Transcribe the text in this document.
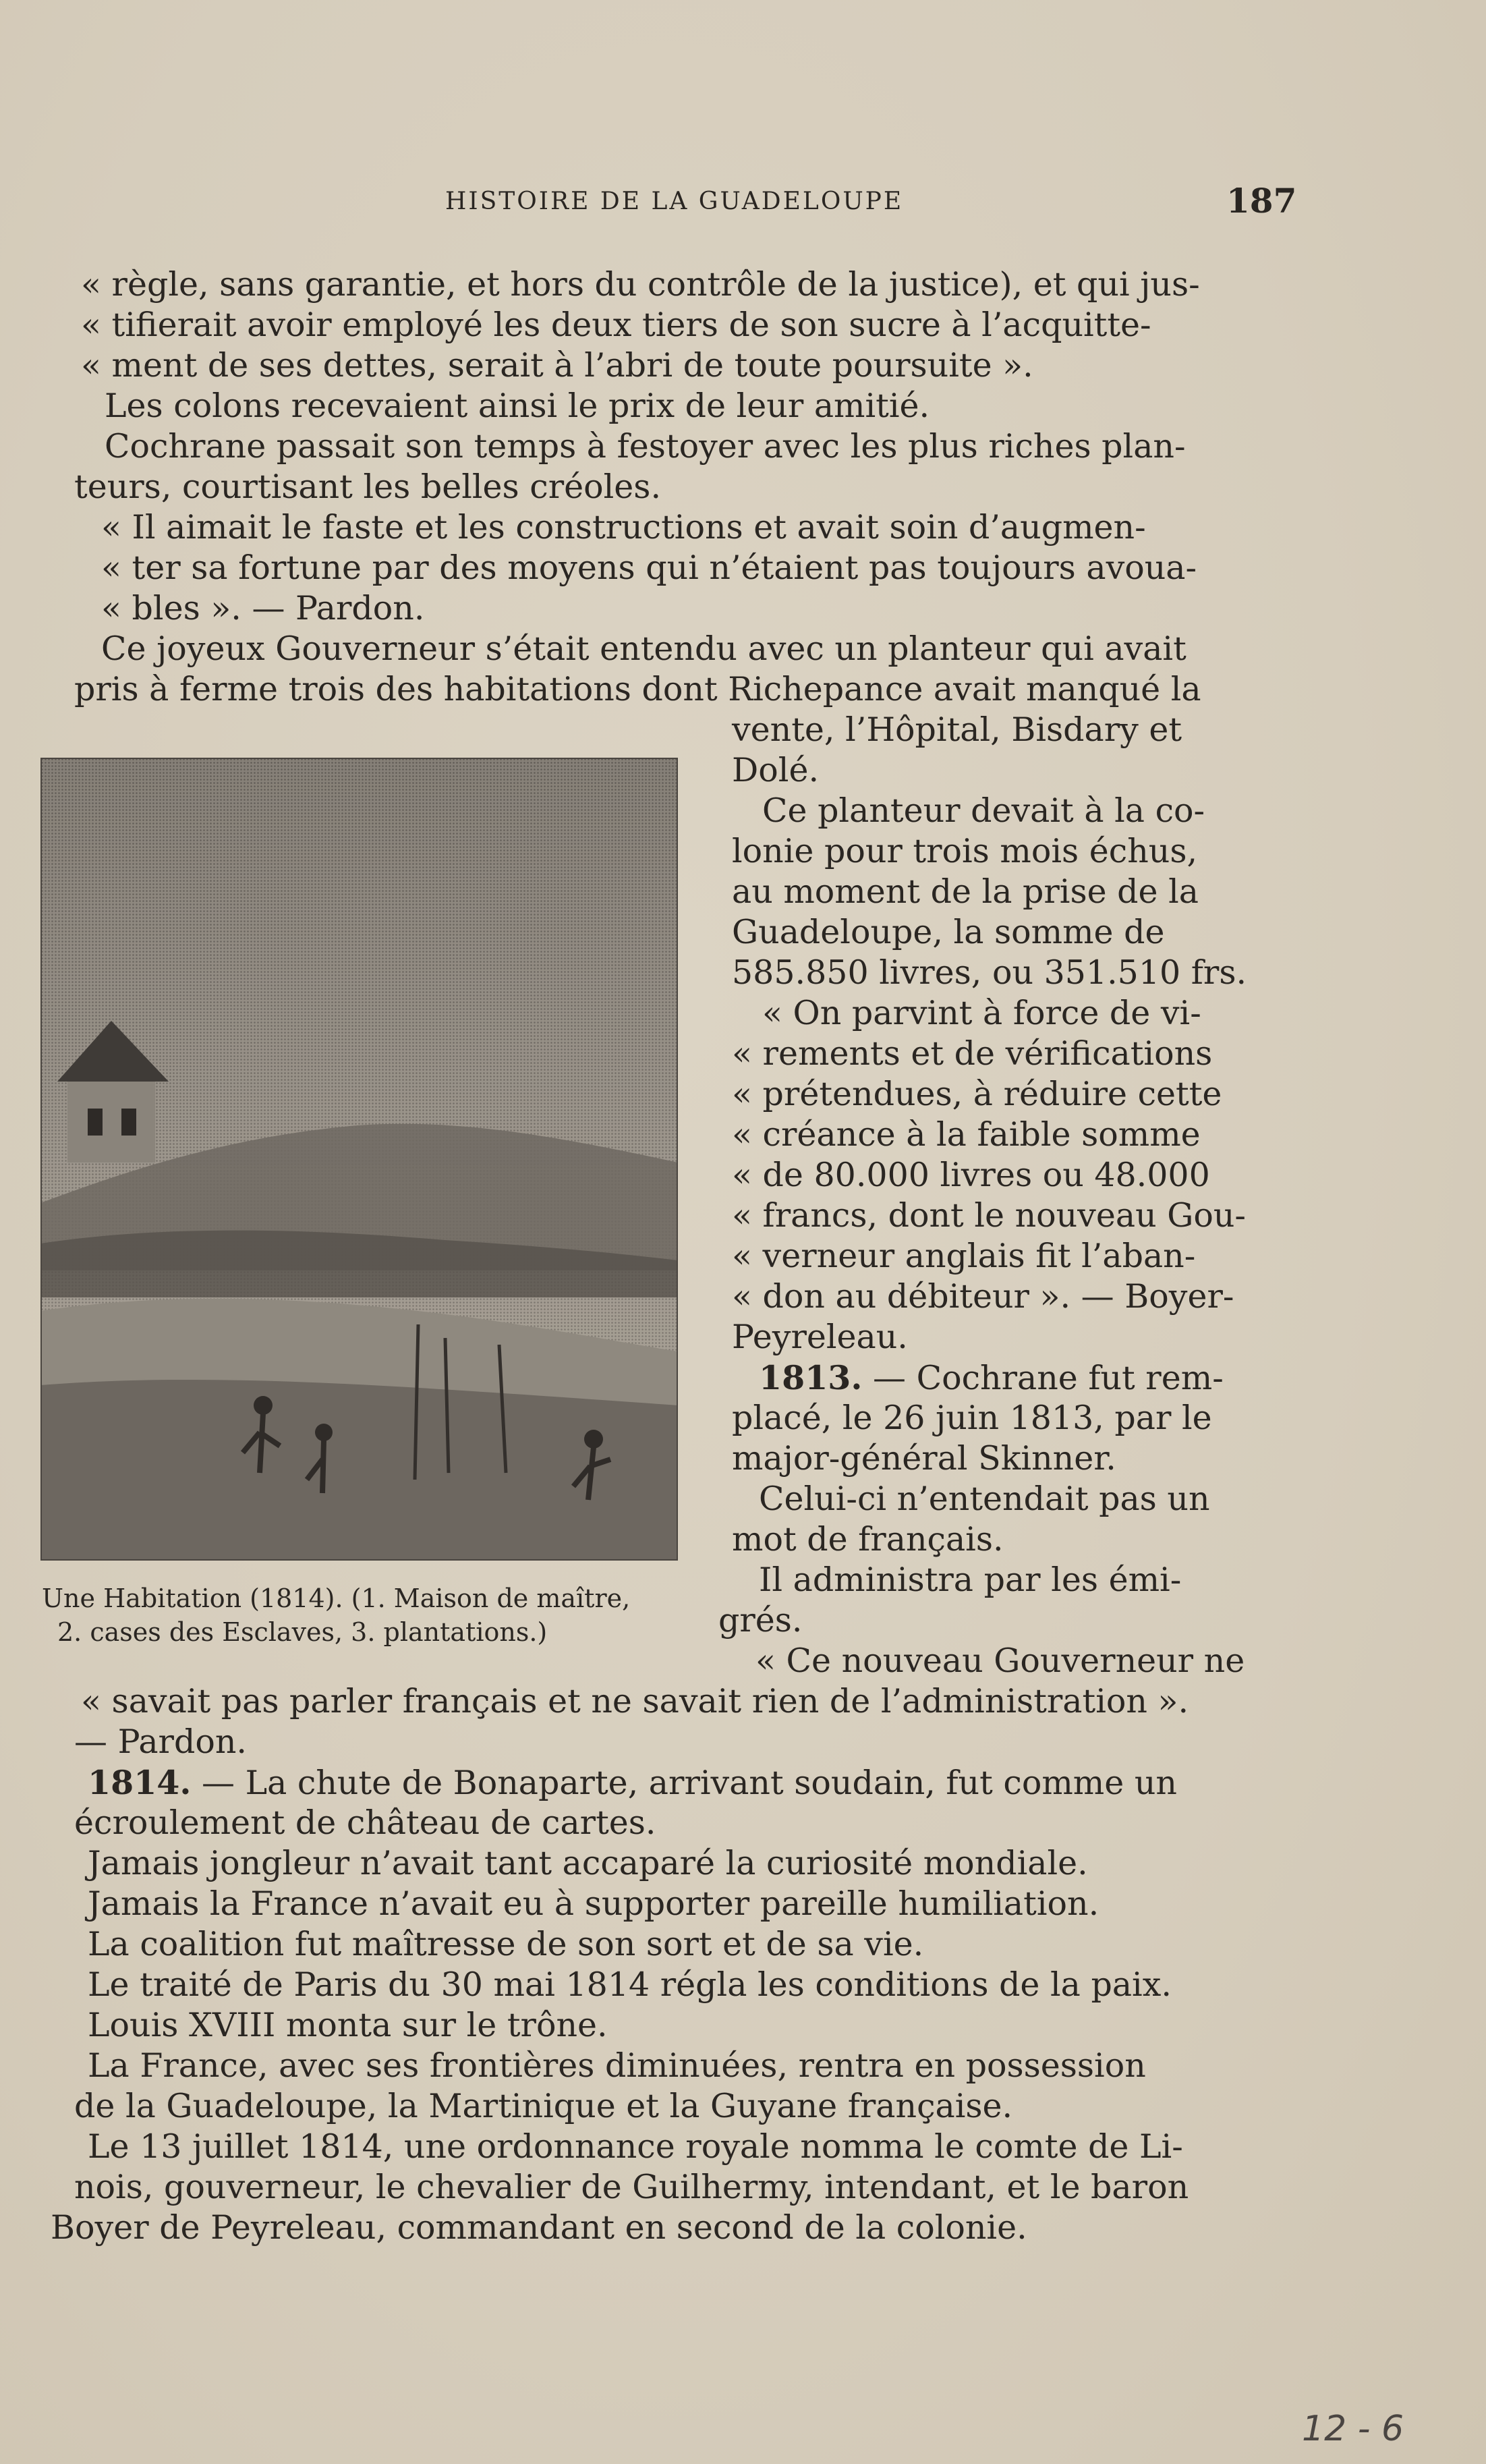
HISTOIRE DE LA GUADELOUPE	187
« règle, sans garantie, et hors du contrôle de la justice), et qui jus-
« tifierait avoir employé les deux tiers de son sucre à l’acquitte-
« ment de ses dettes, serait à l’abri de toute poursuite ».
Les colons recevaient ainsi le prix de leur amitié.
Cochrane passait son temps à festoyer avec les plus riches plan-
teurs, courtisant les belles créoles.
« Il aimait le faste et les constructions et avait soin d’augmen-
« ter sa fortune par des moyens qui n’étaient pas toujours avoua-
« bles ». — Pardon.
Ce joyeux Gouverneur s’était entendu avec un planteur qui avait
pris à ferme trois des habitations dont Richepance avait manqué la
vente, l’Hôpital, Bisdary et
Dolé.
Ce planteur devait à la co-
lonie pour trois mois échus,
au moment de la prise de la
Guadeloupe, la somme de
585.850 livres, ou 351.510 frs.
« On parvint à force de vi-
« rements et de vérifications
« prétendues, à réduire cette
« créance à la faible somme
« de 80.000 livres ou 48.000
« francs, dont le nouveau Gou-
« verneur anglais fit l’aban-
« don au débiteur ». — Boyer-
Peyreleau.
1813. — Cochrane fut rem-
placé, le 26 juin 1813, par le
major-général Skinner.
Celui-ci n’entendait pas un
mot de français.
Il administra par les émi-
grés.
« Ce nouveau Gouverneur ne
« savait pas parler français et ne savait rien de l’administration ».
— Pardon.
1814. — La chute de Bonaparte, arrivant soudain, fut comme un
écroulement de château de cartes.
Jamais jongleur n’avait tant accaparé la curiosité mondiale.
Jamais la France n’avait eu à supporter pareille humiliation.
La coalition fut maîtresse de son sort et de sa vie.
Le traité de Paris du 30 mai 1814 régla les conditions de la paix.
Louis XVIII monta sur le trône.
La France, avec ses frontières diminuées, rentra en possession
de la Guadeloupe, la Martinique et la Guyane française.
Le 13 juillet 1814, une ordonnance royale nomma le comte de Li-
nois, gouverneur, le chevalier de Guilhermy, intendant, et le baron
Boyer de Peyreleau, commandant en second de la colonie.
Une Habitation (1814). (1. Maison de maître,
2. cases des Esclaves, 3. plantations.)
12 - 6
